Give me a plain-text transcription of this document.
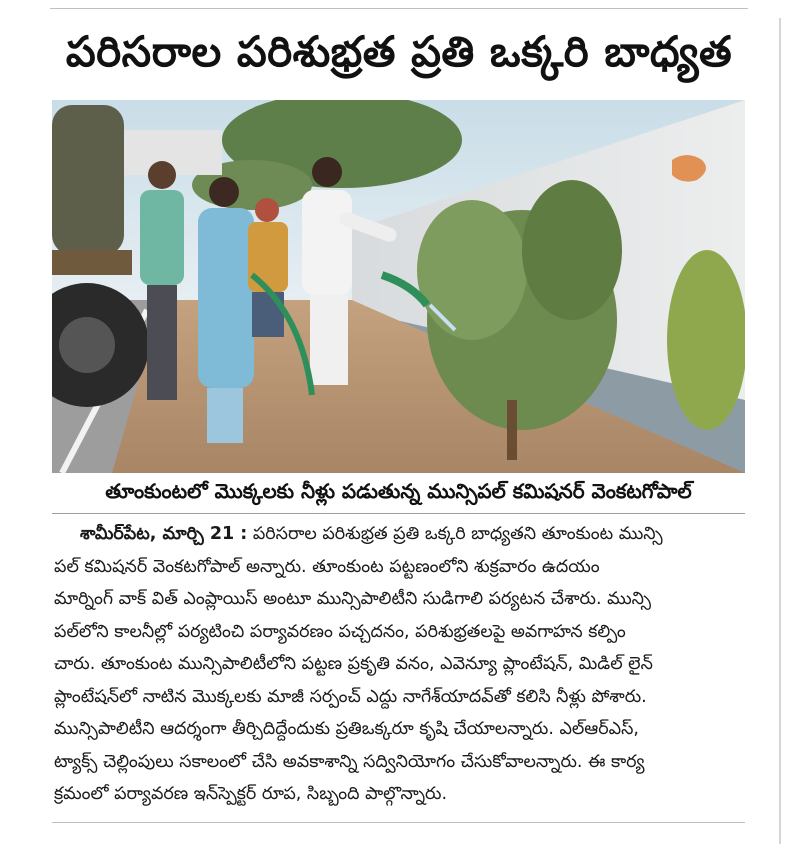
పరిసరాల పరిశుభ్రత ప్రతి ఒక్కరి బాధ్యత
తూంకుంటలో మొక్కలకు నీళ్లు పడుతున్న మున్సిపల్ కమిషనర్ వెంకటగోపాల్
శామీర్‌పేట, మార్చి 21 : పరిసరాల పరిశుభ్రత ప్రతి ఒక్కరి బాధ్యతని తూంకుంట మున్సి
పల్ కమిషనర్ వెంకటగోపాల్ అన్నారు. తూంకుంట పట్టణంలోని శుక్రవారం ఉదయం
మార్నింగ్ వాక్ విత్ ఎంప్లాయిస్ అంటూ మున్సిపాలిటీని సుడిగాలి పర్యటన చేశారు. మున్సి
పల్‌లోని కాలనీల్లో పర్యటించి పర్యావరణం పచ్చదనం, పరిశుభ్రతలపై అవగాహన కల్పిం
చారు. తూంకుంట మున్సిపాలిటీలోని పట్టణ ప్రకృతి వనం, ఎవెన్యూ ప్లాంటేషన్, మిడిల్ లైన్
ప్లాంటేషన్‌లో నాటిన మొక్కలకు మాజీ సర్పంచ్ ఎద్దు నాగేశ్‌యాదవ్‌తో కలిసి నీళ్లు పోశారు.
మున్సిపాలిటీని ఆదర్శంగా తీర్చిదిద్దేందుకు ప్రతిఒక్కరూ కృషి చేయాలన్నారు. ఎల్ఆర్ఎస్,
ట్యాక్స్ చెల్లింపులు సకాలంలో చేసి అవకాశాన్ని సద్వినియోగం చేసుకోవాలన్నారు. ఈ కార్య
క్రమంలో పర్యావరణ ఇన్‌స్పెక్టర్ రూప, సిబ్బంది పాల్గొన్నారు.
